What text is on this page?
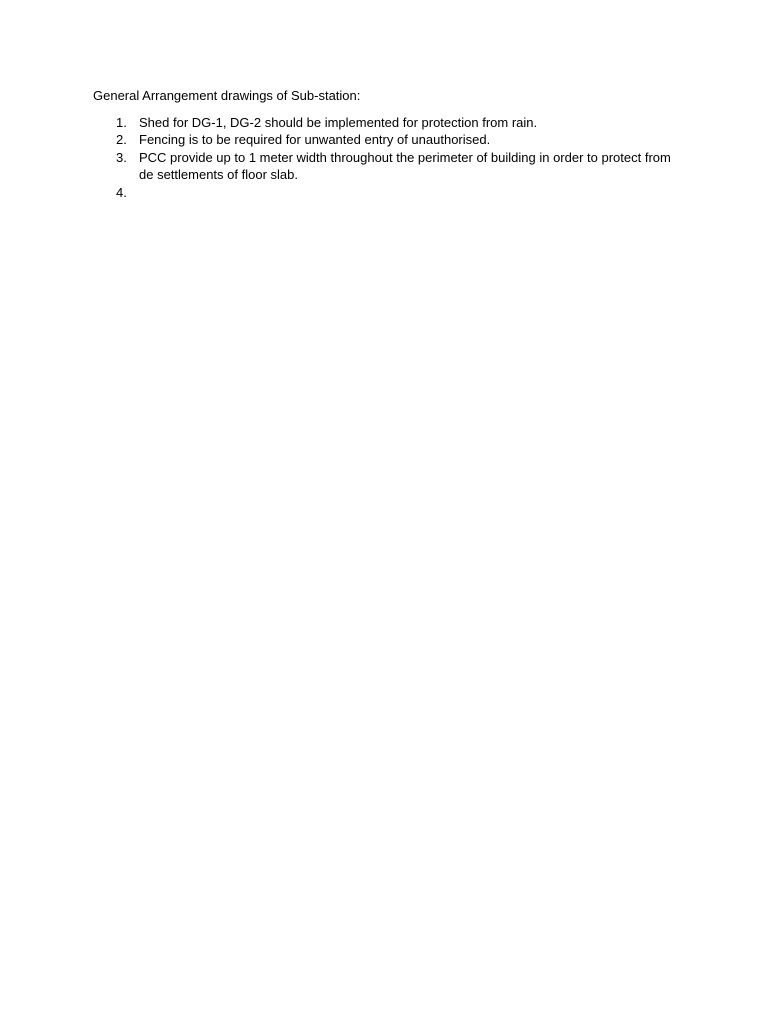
General Arrangement drawings of Sub-station:

1. Shed for DG-1, DG-2 should be implemented for protection from rain.
2. Fencing is to be required for unwanted entry of unauthorised.
3. PCC provide up to 1 meter width throughout the perimeter of building in order to protect from de settlements of floor slab.
4.
